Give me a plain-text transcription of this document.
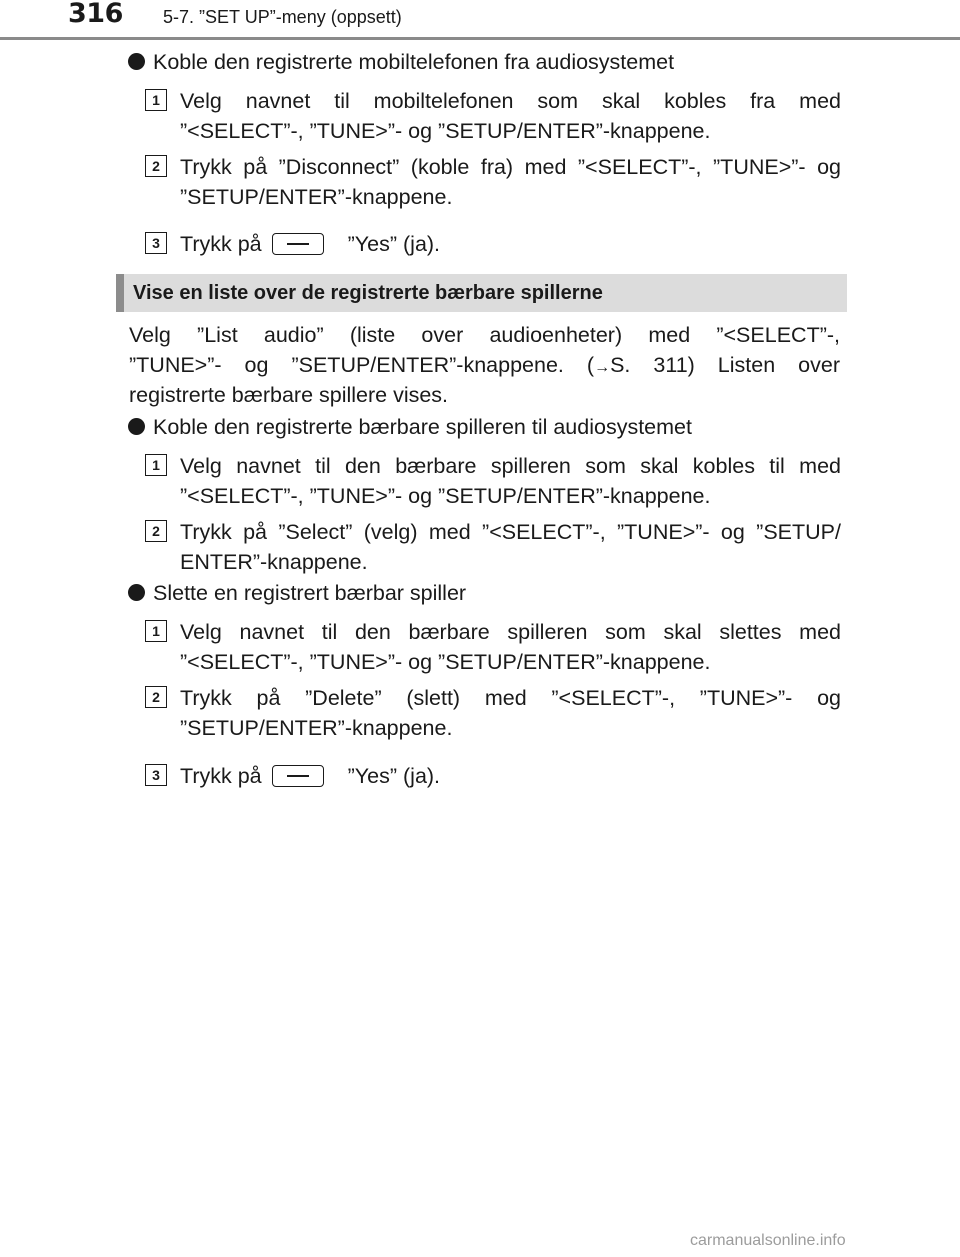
316 5-7. ”SET UP”-meny (oppsett)
Koble den registrerte mobiltelefonen fra audiosystemet
1 Velg navnet til mobiltelefonen som skal kobles fra med
”<SELECT”-, ”TUNE>”- og ”SETUP/ENTER”-knappene.
2 Trykk på ”Disconnect” (koble fra) med ”<SELECT”-, ”TUNE>”- og
”SETUP/ENTER”-knappene.
3 Trykk på	”Yes” (ja).
Vise en liste over de registrerte bærbare spillerne
Velg ”List audio” (liste over audioenheter) med ”<SELECT”-,
”TUNE>”- og ”SETUP/ENTER”-knappene. (→S. 311) Listen over
registrerte bærbare spillere vises.
Koble den registrerte bærbare spilleren til audiosystemet
1 Velg navnet til den bærbare spilleren som skal kobles til med
”<SELECT”-, ”TUNE>”- og ”SETUP/ENTER”-knappene.
2 Trykk på ”Select” (velg) med ”<SELECT”-, ”TUNE>”- og ”SETUP/
ENTER”-knappene.
Slette en registrert bærbar spiller
1 Velg navnet til den bærbare spilleren som skal slettes med
”<SELECT”-, ”TUNE>”- og ”SETUP/ENTER”-knappene.
2 Trykk på ”Delete” (slett) med ”<SELECT”-, ”TUNE>”- og
”SETUP/ENTER”-knappene.
3 Trykk på	”Yes” (ja).
carmanualsonline.info
